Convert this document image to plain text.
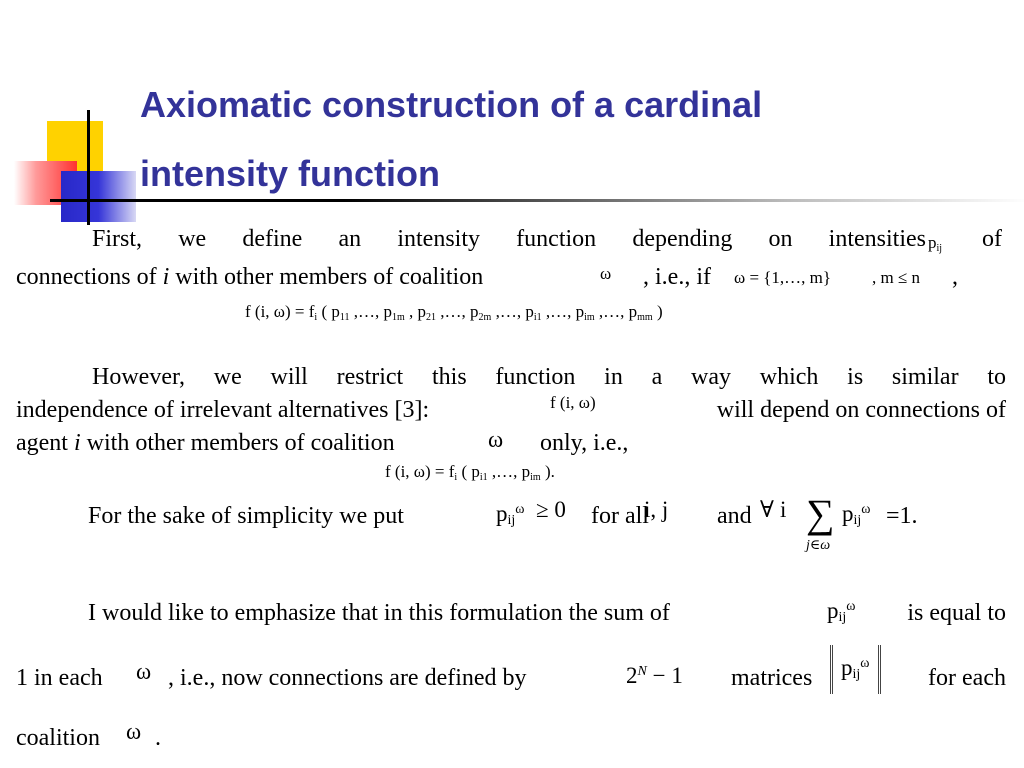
Axiomatic construction of a cardinal
intensity function
First, we define an intensity function depending on intensities $p_{ij}$ of
connections of i with other members of coalition	ω , i.e., if	ω = {1,…, m} , m ≤ n ,
f (i, $\omega) = f_i$ ( $p_{11}$ ,…, $p_{1m}$ , $p_{21}$ ,…, $p_{2m}$ ,…, $p_{i1}$ ,…, $p_{im}$ ,…, $p_{mm}$ )
However, we will restrict this function in a way which is similar to
independence of irrelevant alternatives [3]:	f (i, ω)	will depend on connections of
agent i with other members of coalition	ω only, i.e.,
f (i, $\omega) = f_i$ ( $p_{i1}$ ,…, $p_{im}$ ).
For the sake of simplicity we put	$p_{ij}^\omega \ge 0$ for all
i, j and ∀ i ∑
j∈ω
$p_{ij}^\omega =1$.
I would like to emphasize that in this formulation the sum of	$p_{ij}^\omega$	is equal to
1 in each	ω , i.e., now connections are defined by	$2^N - 1$ matrices	$p_{ij}^\omega$
for each
coalition	ω .
